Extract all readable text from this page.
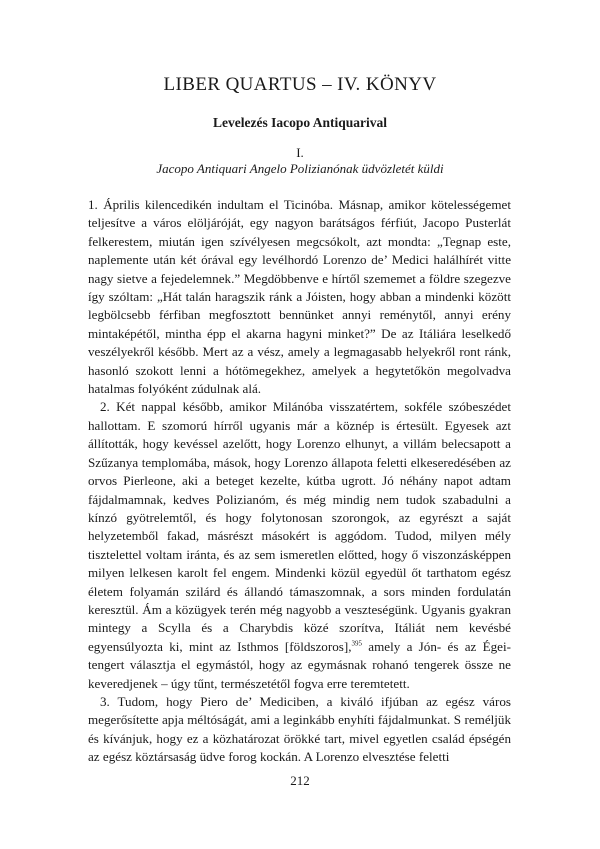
LIBER QUARTUS – IV. KÖNYV
Levelezés Iacopo Antiquarival
I.
Jacopo Antiquari Angelo Polizianónak üdvözletét küldi

1. Április kilencedikén indultam el Ticinóba. Másnap, amikor kötelességemet teljesítve a város elöljáróját, egy nagyon barátságos férfiút, Jacopo Pusterlát felkerestem, miután igen szívélyesen megcsókolt, azt mondta: „Tegnap este, naplemente után két órával egy levélhordó Lorenzo de’ Medici halálhírét vitte nagy sietve a fejedelemnek.” Megdöbbenve e hírtől szememet a földre szegezve így szóltam: „Hát talán haragszik ránk a Jóisten, hogy abban a mindenki között legbölcsebb férfiban megfosztott bennünket annyi reménytől, annyi erény mintaképétől, mintha épp el akarna hagyni minket?” De az Itáliára leselkedő veszélyekről később. Mert az a vész, amely a legmagasabb helyekről ront ránk, hasonló szokott lenni a hótömegekhez, amelyek a hegytetőkön megolvadva hatalmas folyóként zúdulnak alá.

2. Két nappal később, amikor Milánóba visszatértem, sokféle szóbeszédet hallottam. E szomorú hírről ugyanis már a köznép is értesült. Egyesek azt állították, hogy kevéssel azelőtt, hogy Lorenzo elhunyt, a villám belecsapott a Szűzanya templomába, mások, hogy Lorenzo állapota feletti elkeseredésében az orvos Pierleone, aki a beteget kezelte, kútba ugrott. Jó néhány napot adtam fájdalmamnak, kedves Polizianóm, és még mindig nem tudok szabadulni a kínzó gyötrelemtől, és hogy folytonosan szorongok, az egyrészt a saját helyzetemből fakad, másrészt másokért is aggódom. Tudod, milyen mély tisztelettel voltam iránta, és az sem ismeretlen előtted, hogy ő viszonzásképpen milyen lelkesen karolt fel engem. Mindenki közül egyedül őt tarthatom egész életem folyamán szilárd és állandó támaszomnak, a sors minden fordulatán keresztül. Ám a közügyek terén még nagyobb a veszteségünk. Ugyanis gyakran mintegy a Scylla és a Charybdis közé szorítva, Itáliát nem kevésbé egyensúlyozta ki, mint az Isthmos [földszoros],$^{395}$ amely a Jón- és az Égei-tengert választja el egymástól, hogy az egymásnak rohanó tengerek össze ne keveredjenek – úgy tűnt, természetétől fogva erre teremtetett.

3. Tudom, hogy Piero de’ Mediciben, a kiváló ifjúban az egész város megerősítette apja méltóságát, ami a leginkább enyhíti fájdalmunkat. S reméljük és kívánjuk, hogy ez a közhatározat örökké tart, mivel egyetlen család épségén az egész köztársaság üdve forog kockán. A Lorenzo elvesztése feletti

212
